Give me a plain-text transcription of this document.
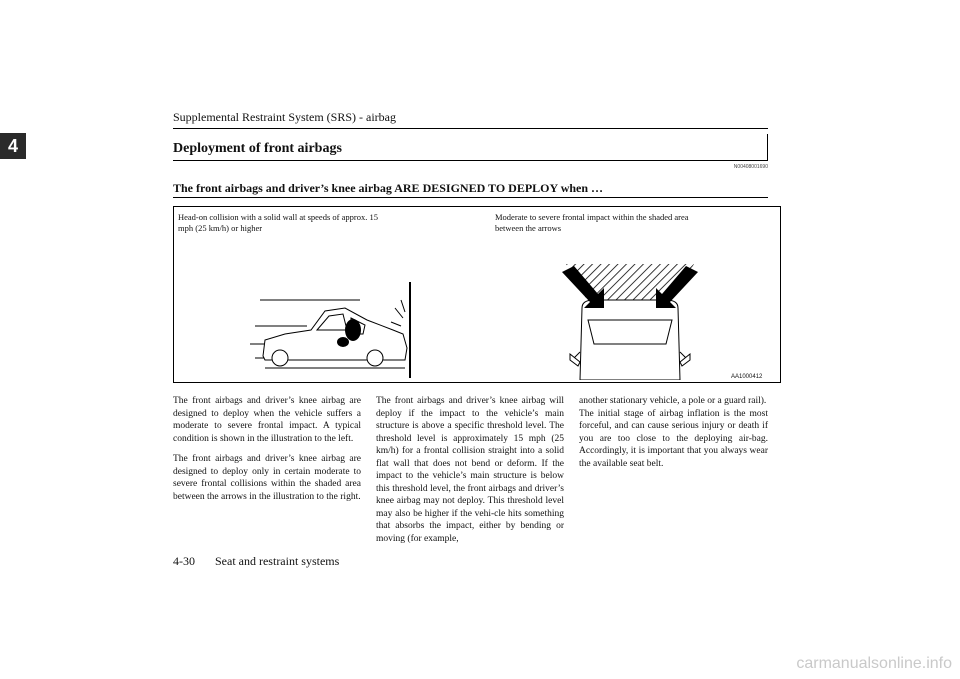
Supplemental Restraint System (SRS) - airbag
4	Deployment of front airbags
N00408001690
The front airbags and driver’s knee airbag ARE DESIGNED TO DEPLOY when …
Head-on collision with a solid wall at speeds of approx. 15 mph (25 km/h) or higher
Moderate to severe frontal impact within the shaded area between the arrows
AA1000412

The front airbags and driver’s knee airbag are designed to deploy when the vehicle suffers a moderate to severe frontal impact. A typical condition is shown in the illustration to the left.

The front airbags and driver’s knee airbag are designed to deploy only in certain moderate to severe frontal collisions within the shaded area between the arrows in the illustration to the right.

The front airbags and driver’s knee airbag will deploy if the impact to the vehicle’s main structure is above a specific threshold level. The threshold level is approximately 15 mph (25 km/h) for a frontal collision straight into a solid flat wall that does not bend or deform. If the impact to the vehicle’s main structure is below this threshold level, the front airbags and driver’s knee airbag may not deploy. This threshold level may also be higher if the vehi-cle hits something that absorbs the impact, either by bending or moving (for example,

another stationary vehicle, a pole or a guard rail).

The initial stage of airbag inflation is the most forceful, and can cause serious injury or death if you are too close to the deploying air-bag. Accordingly, it is important that you always wear the available seat belt.

4-30 Seat and restraint systems
carmanualsonline.info
